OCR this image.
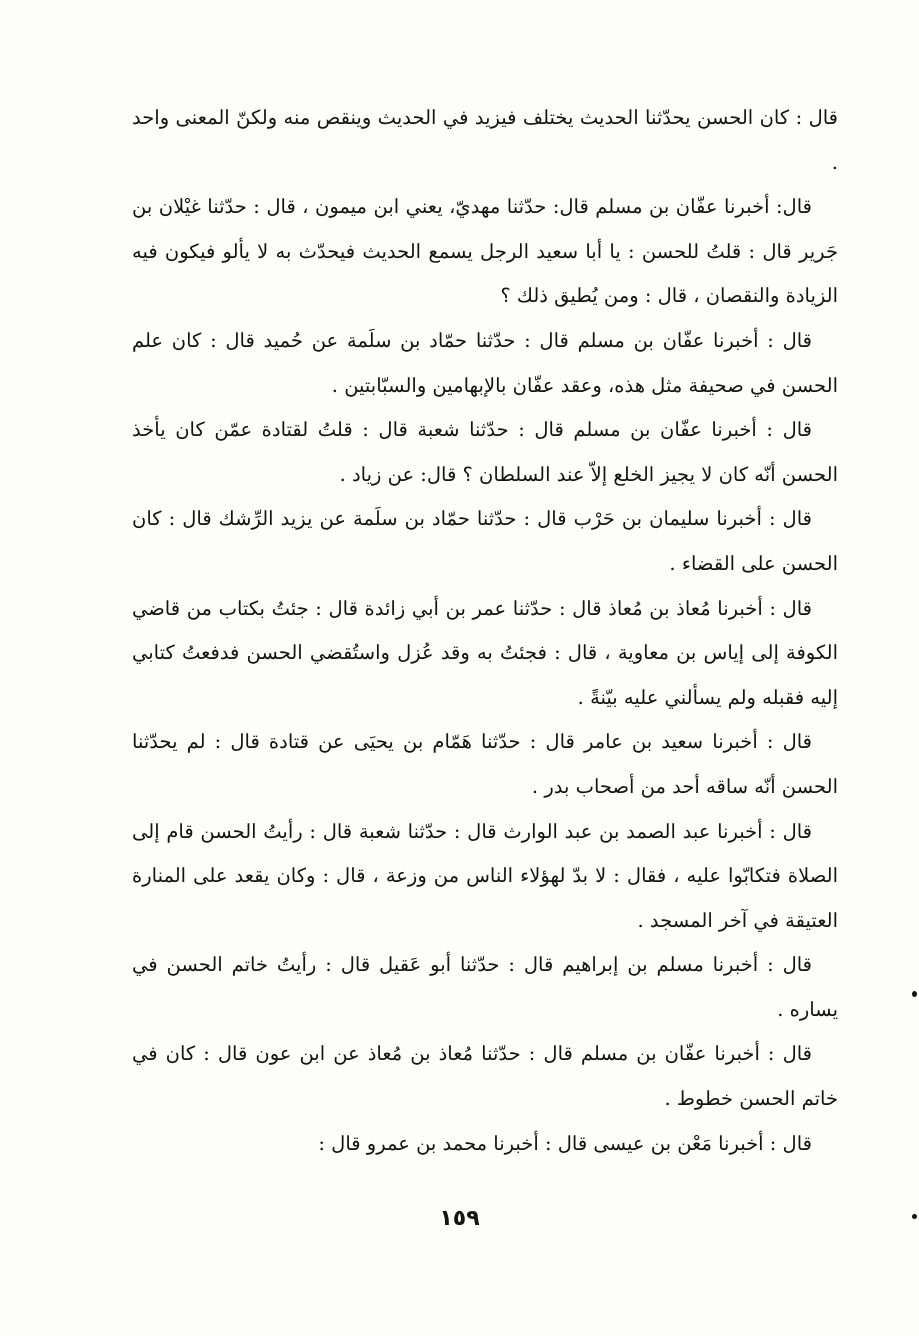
قال : كان الحسن يحدّثنا الحديث يختلف فيزيد في الحديث وينقص منه ولكنّ المعنى واحد .

قال: أخبرنا عفّان بن مسلم قال: حدّثنا مهديّ، يعني ابن ميمون ، قال : حدّثنا غيْلان بن جَرير قال : قلتُ للحسن : يا أبا سعيد الرجل يسمع الحديث فيحدّث به لا يألو فيكون فيه الزيادة والنقصان ، قال : ومن يُطيق ذلك ؟

قال : أخبرنا عفّان بن مسلم قال : حدّثنا حمّاد بن سلَمة عن حُميد قال : كان علم الحسن في صحيفة مثل هذه، وعقد عفّان بالإبهامين والسبّابتين .

قال : أخبرنا عفّان بن مسلم قال : حدّثنا شعبة قال : قلتُ لقتادة عمّن كان يأخذ الحسن أنّه كان لا يجيز الخلع إلاّ عند السلطان ؟ قال: عن زياد .

قال : أخبرنا سليمان بن حَرْب قال : حدّثنا حمّاد بن سلَمة عن يزيد الرِّشك قال : كان الحسن على القضاء .

قال : أخبرنا مُعاذ بن مُعاذ قال : حدّثنا عمر بن أبي زائدة قال : جئتُ بكتاب من قاضي الكوفة إلى إياس بن معاوية ، قال : فجئتُ به وقد عُزل واستُقضي الحسن فدفعتُ كتابي إليه فقبله ولم يسألني عليه بيّنةً .

قال : أخبرنا سعيد بن عامر قال : حدّثنا هَمّام بن يحيَى عن قتادة قال : لم يحدّثنا الحسن أنّه ساقه أحد من أصحاب بدر .

قال : أخبرنا عبد الصمد بن عبد الوارث قال : حدّثنا شعبة قال : رأيتُ الحسن قام إلى الصلاة فتكابّوا عليه ، فقال : لا بدّ لهؤلاء الناس من وزعة ، قال : وكان يقعد على المنارة العتيقة في آخر المسجد .

قال : أخبرنا مسلم بن إبراهيم قال : حدّثنا أبو عَقيل قال : رأيتُ خاتم الحسن في يساره .

قال : أخبرنا عفّان بن مسلم قال : حدّثنا مُعاذ بن مُعاذ عن ابن عون قال : كان في خاتم الحسن خطوط .

قال : أخبرنا مَعْن بن عيسى قال : أخبرنا محمد بن عمرو قال :

١٥٩
